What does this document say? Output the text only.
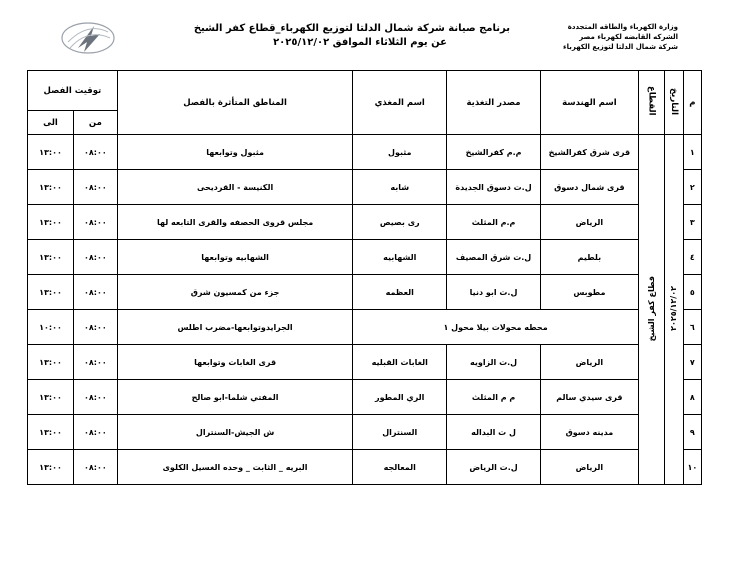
وزارة الكهرباء والطاقه المتجددة
الشركه القابضه لكهرباء مصر
شركة شمال الدلتا لتوزيع الكهرباء
برنامج صيانة شركة شمال الدلتا لتوزيع الكهرباء_قطاع كفر الشيخ
عن يوم الثلاثاء الموافق ٢٠٢٥/١٢/٠٢
م	التاريخ	القطاع	اسم الهندسة	مصدر التغذية	اسم المغذي	المناطق المتأثرة بالفصل	توقيت الفصل	
							من	الى
١	٢٠٢٥/١٢/٠٢	قطاع كفر الشيخ	قرى شرق كفرالشيخ	م.م كفرالشيخ	مثبول	مثبول وتوابعها	٠٨:٠٠	١٣:٠٠
٢			قرى شمال دسوق	ل.ت دسوق الجديدة	شابه	الكنيسة - القرديحى	٠٨:٠٠	١٣:٠٠
٣			الرياض	م.م المثلث	رى بصيص	مجلس قروى الحصفه والقرى التابعه لها	٠٨:٠٠	١٣:٠٠
٤			بلطيم	ل.ت شرق المصيف	الشهابيه	الشهابيه وتوابعها	٠٨:٠٠	١٣:٠٠
٥			مطوبس	ل.ت ابو دنيا	العظمه	جزء من كمسيون شرق	٠٨:٠٠	١٣:٠٠
٦			محطه محولات بيلا محول ١			الجرايدوتوابعها-مضرب اطلس	٠٨:٠٠	١٠:٠٠
٧			الرياض	ل.ت الزاويه	الغابات القبليه	قرى الغابات وتوابعها	٠٨:٠٠	١٣:٠٠
٨			قرى سيدي سالم	م م المثلث	الري المطور	المفتي شلما-ابو صالح	٠٨:٠٠	١٣:٠٠
٩			مدينه دسوق	ل ت البداله	السنترال	ش الجيش-السنترال	٠٨:٠٠	١٣:٠٠
١٠			الرياض	ل.ت الرياض	المعالجه	البريه _ الثابت _ وحده الغسيل الكلوى	٠٨:٠٠	١٣:٠٠
